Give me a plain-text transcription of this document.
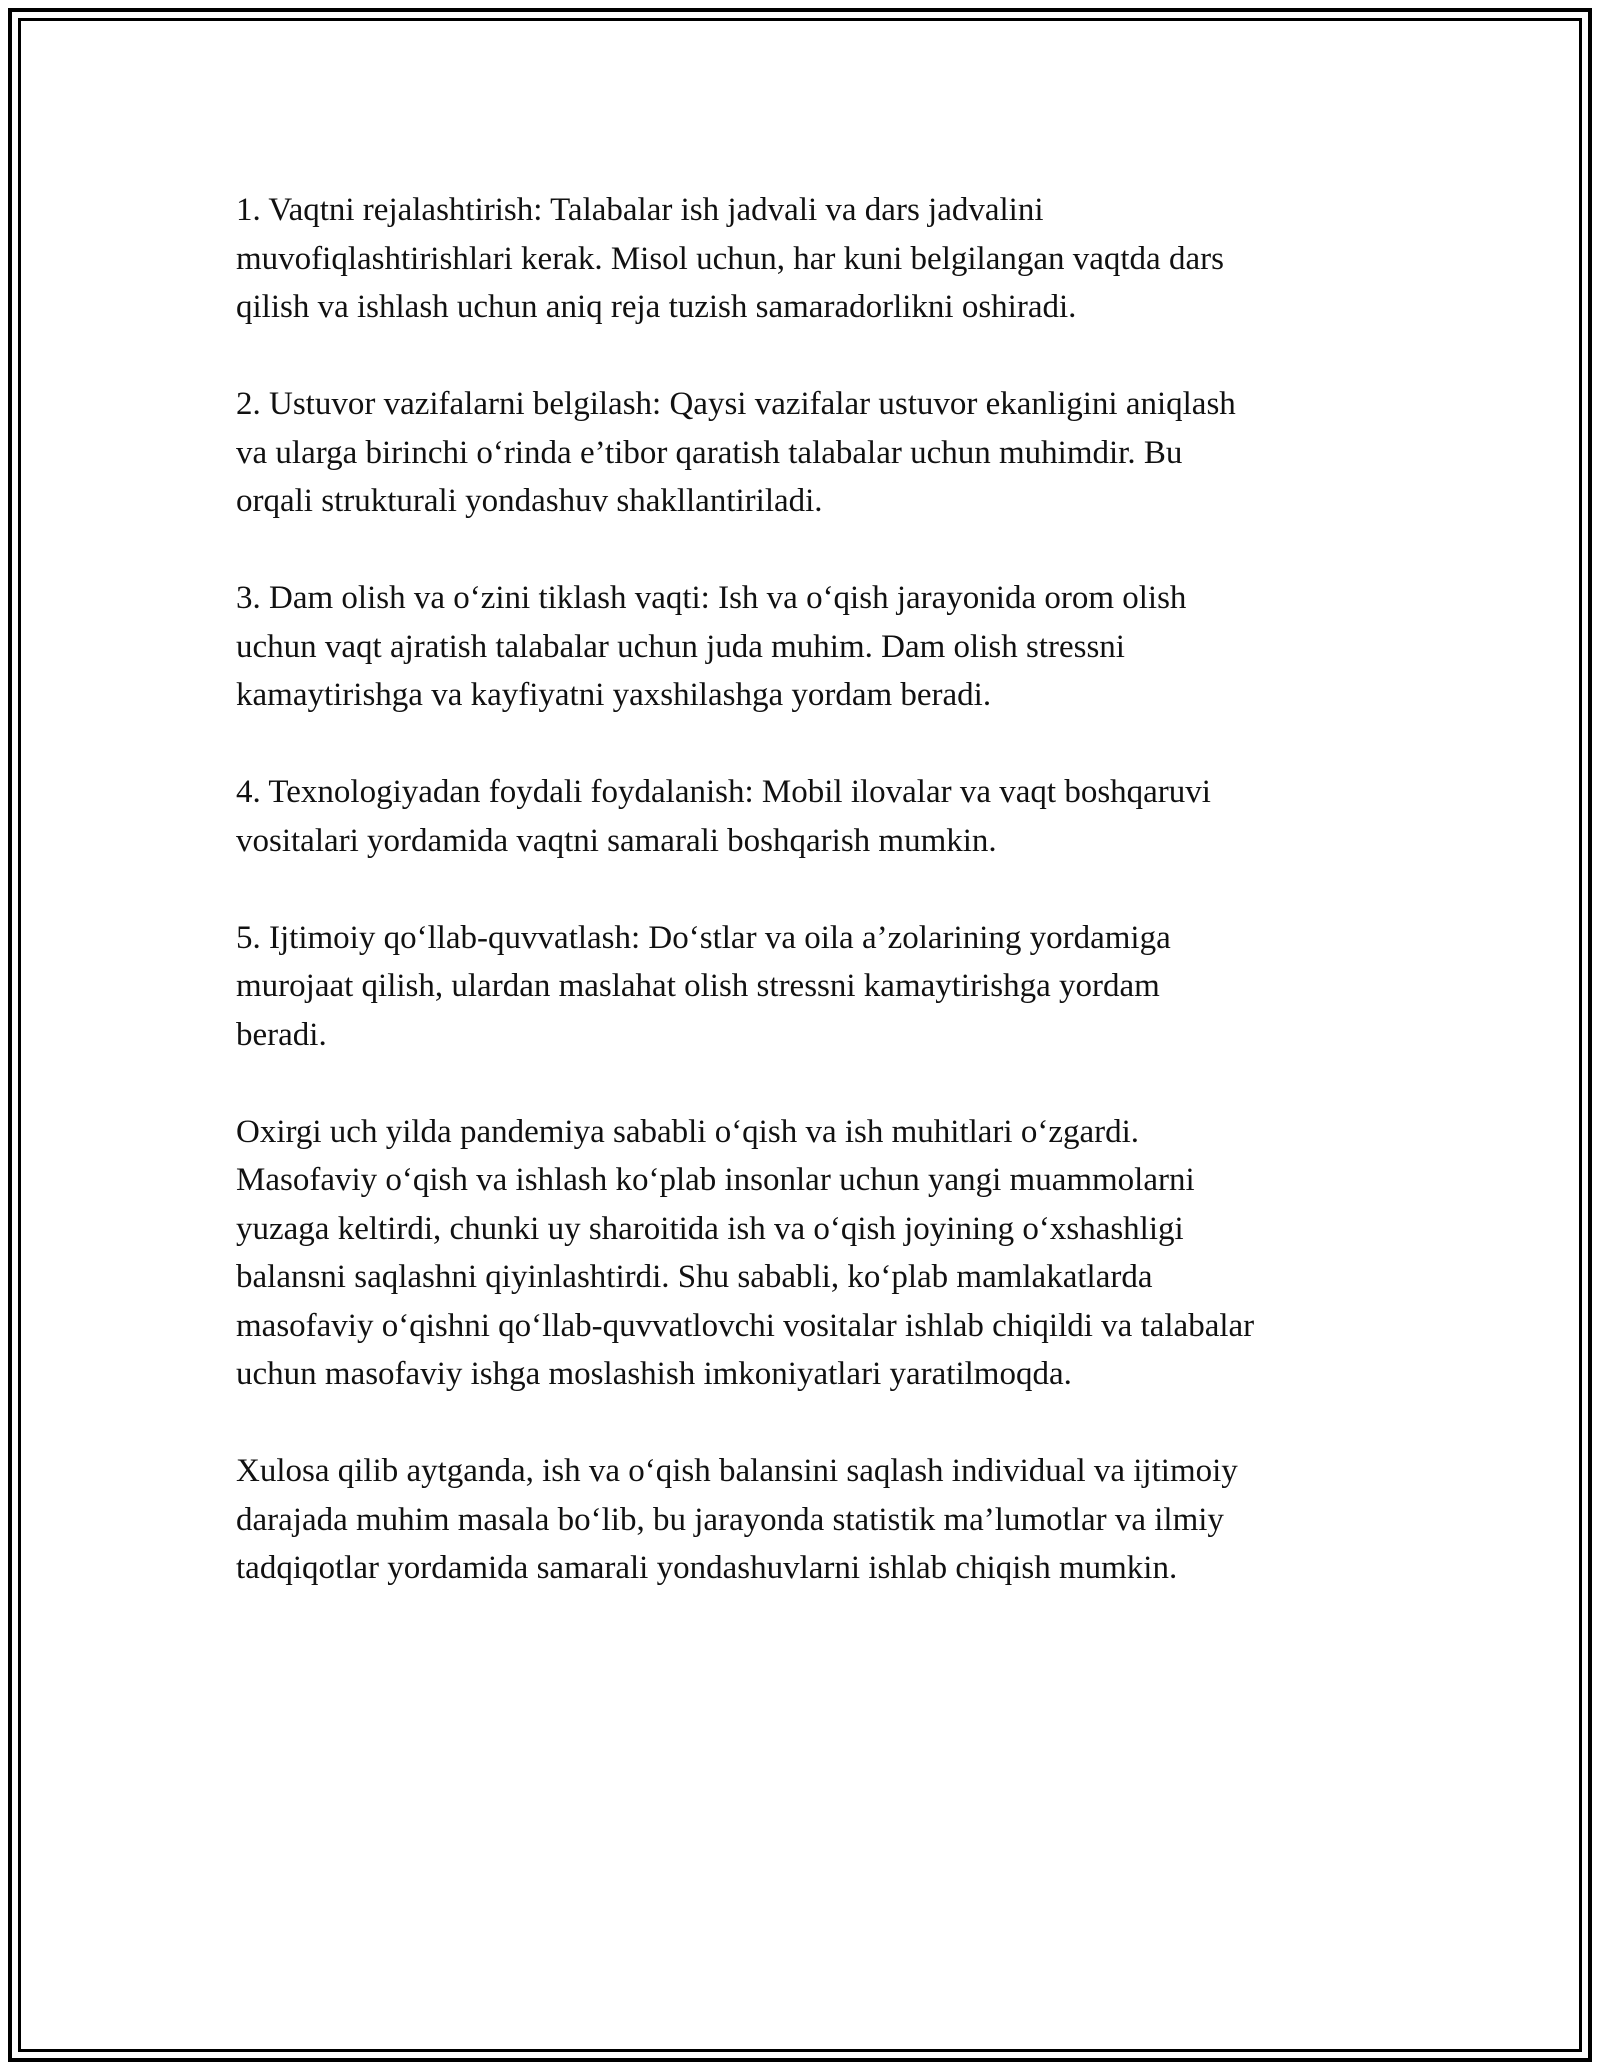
1. Vaqtni rejalashtirish: Talabalar ish jadvali va dars jadvalini
muvofiqlashtirishlari kerak. Misol uchun, har kuni belgilangan vaqtda dars
qilish va ishlash uchun aniq reja tuzish samaradorlikni oshiradi.

2. Ustuvor vazifalarni belgilash: Qaysi vazifalar ustuvor ekanligini aniqlash
va ularga birinchi o‘rinda e’tibor qaratish talabalar uchun muhimdir. Bu
orqali strukturali yondashuv shakllantiriladi.

3. Dam olish va o‘zini tiklash vaqti: Ish va o‘qish jarayonida orom olish
uchun vaqt ajratish talabalar uchun juda muhim. Dam olish stressni
kamaytirishga va kayfiyatni yaxshilashga yordam beradi.

4. Texnologiyadan foydali foydalanish: Mobil ilovalar va vaqt boshqaruvi
vositalari yordamida vaqtni samarali boshqarish mumkin.

5. Ijtimoiy qo‘llab-quvvatlash: Do‘stlar va oila a’zolarining yordamiga
murojaat qilish, ulardan maslahat olish stressni kamaytirishga yordam
beradi.

Oxirgi uch yilda pandemiya sababli o‘qish va ish muhitlari o‘zgardi.
Masofaviy o‘qish va ishlash ko‘plab insonlar uchun yangi muammolarni
yuzaga keltirdi, chunki uy sharoitida ish va o‘qish joyining o‘xshashligi
balansni saqlashni qiyinlashtirdi. Shu sababli, ko‘plab mamlakatlarda
masofaviy o‘qishni qo‘llab-quvvatlovchi vositalar ishlab chiqildi va talabalar
uchun masofaviy ishga moslashish imkoniyatlari yaratilmoqda.

Xulosa qilib aytganda, ish va o‘qish balansini saqlash individual va ijtimoiy
darajada muhim masala bo‘lib, bu jarayonda statistik ma’lumotlar va ilmiy
tadqiqotlar yordamida samarali yondashuvlarni ishlab chiqish mumkin.
